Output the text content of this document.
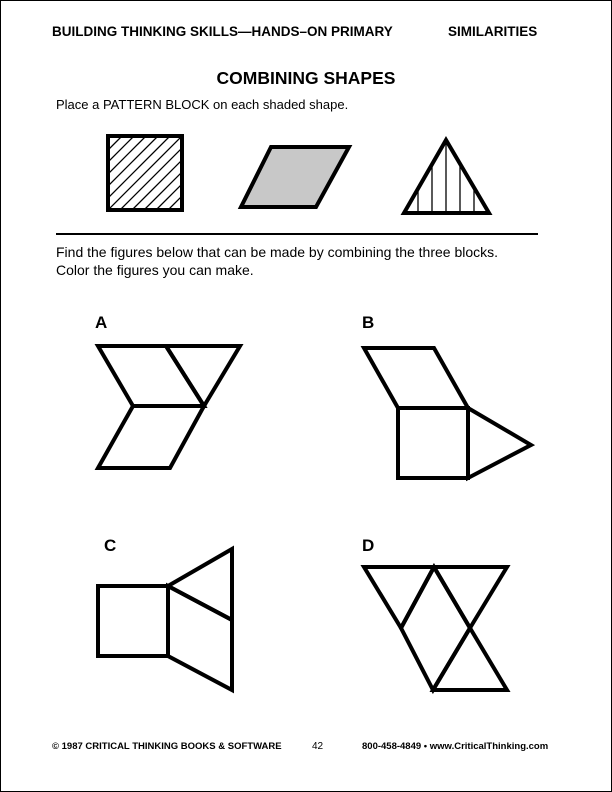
BUILDING THINKING SKILLS—HANDS–ON PRIMARY	SIMILARITIES
COMBINING SHAPES
Place a PATTERN BLOCK on each shaded shape.
Find the figures below that can be made by combining the three blocks.
Color the figures you can make.
A	B
C	D
© 1987 CRITICAL THINKING BOOKS & SOFTWARE	42	800-458-4849 • www.CriticalThinking.com
